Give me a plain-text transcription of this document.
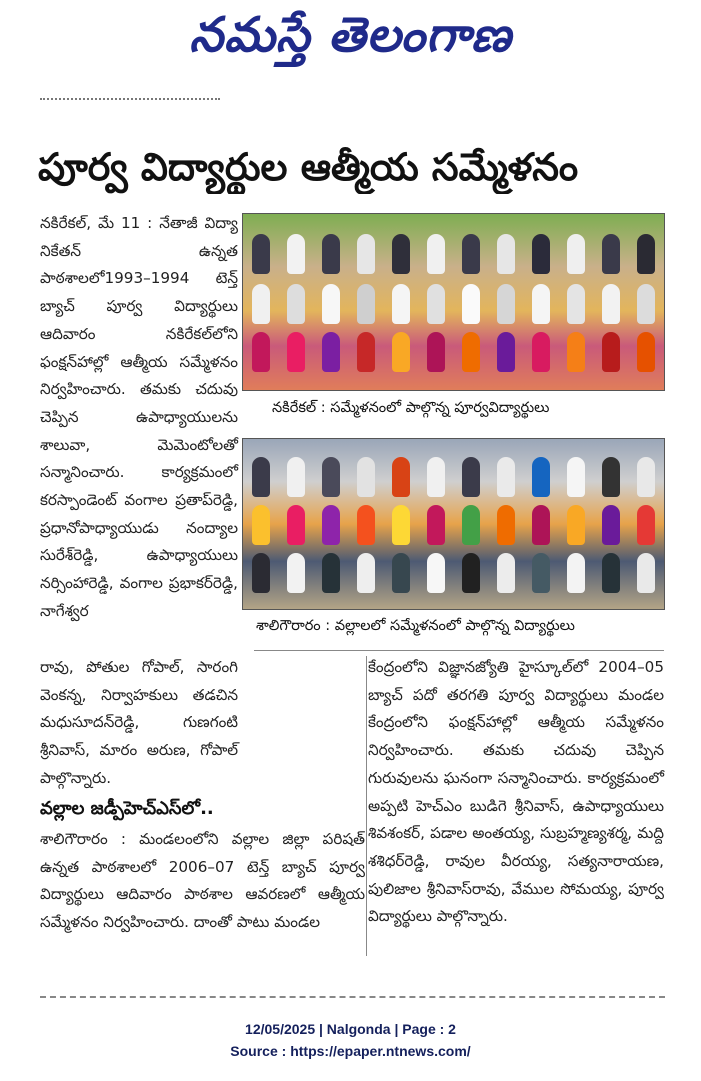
నమస్తే తెలంగాణ
పూర్వ విద్యార్థుల ఆత్మీయ సమ్మేళనం

నకిరేకల్, మే 11 : నేతాజీ విద్యా నికేతన్ ఉన్నత పాఠశాలలో1993–1994 టెన్త్ బ్యాచ్ పూర్వ విద్యార్థులు ఆదివారం నకిరేకల్‌లోని ఫంక్షన్‌హాల్లో ఆత్మీయ సమ్మేళనం నిర్వహించారు. తమకు చదువు చెప్పిన ఉపాధ్యాయులను శాలువా, మెమెంటోలతో సన్మానించారు. కార్యక్రమంలో కరస్పాండెంట్ వంగాల ప్రతాప్‌రెడ్డి, ప్రధానోపాధ్యాయుడు నంద్యాల సురేశ్‌రెడ్డి, ఉపాధ్యాయులు నర్సింహారెడ్డి, వంగాల ప్రభాకర్‌రెడ్డి, నాగేశ్వర

నకిరేకల్ : సమ్మేళనంలో పాల్గొన్న పూర్వవిద్యార్థులు
శాలిగౌరారం : వల్లాలలో సమ్మేళనంలో పాల్గొన్న విద్యార్థులు

రావు, పోతుల గోపాల్, సారంగి వెంకన్న, నిర్వాహకులు తడచిన మధుసూదన్‌రెడ్డి, గుణగంటి శ్రీనివాస్, మారం అరుణ, గోపాల్ పాల్గొన్నారు.

వల్లాల జడ్పీహెచ్‌ఎస్‌లో..

శాలిగౌరారం : మండలంలోని వల్లాల జిల్లా పరిషత్ ఉన్నత పాఠశాలలో 2006–07 టెన్త్ బ్యాచ్ పూర్వ విద్యార్థులు ఆదివారం పాఠశాల ఆవరణలో ఆత్మీయ సమ్మేళనం నిర్వహించారు. దాంతో పాటు మండల

కేంద్రంలోని విజ్ఞానజ్యోతి హైస్కూల్‌లో 2004–05 బ్యాచ్ పదో తరగతి పూర్వ విద్యార్థులు మండల కేంద్రంలోని ఫంక్షన్‌హాల్లో ఆత్మీయ సమ్మేళనం నిర్వహించారు. తమకు చదువు చెప్పిన గురువులను ఘనంగా సన్మానించారు. కార్యక్రమంలో అప్పటి హెచ్‌ఎం బుడిగె శ్రీనివాస్, ఉపాధ్యాయులు శివశంకర్, పడాల అంతయ్య, సుబ్రహ్మణ్యశర్మ, మద్ది శశిధర్‌రెడ్డి, రావుల వీరయ్య, సత్యనారాయణ, పులిజాల శ్రీనివాస్‌రావు, వేముల సోమయ్య, పూర్వ విద్యార్థులు పాల్గొన్నారు.

12/05/2025 | Nalgonda | Page : 2
Source : https://epaper.ntnews.com/
